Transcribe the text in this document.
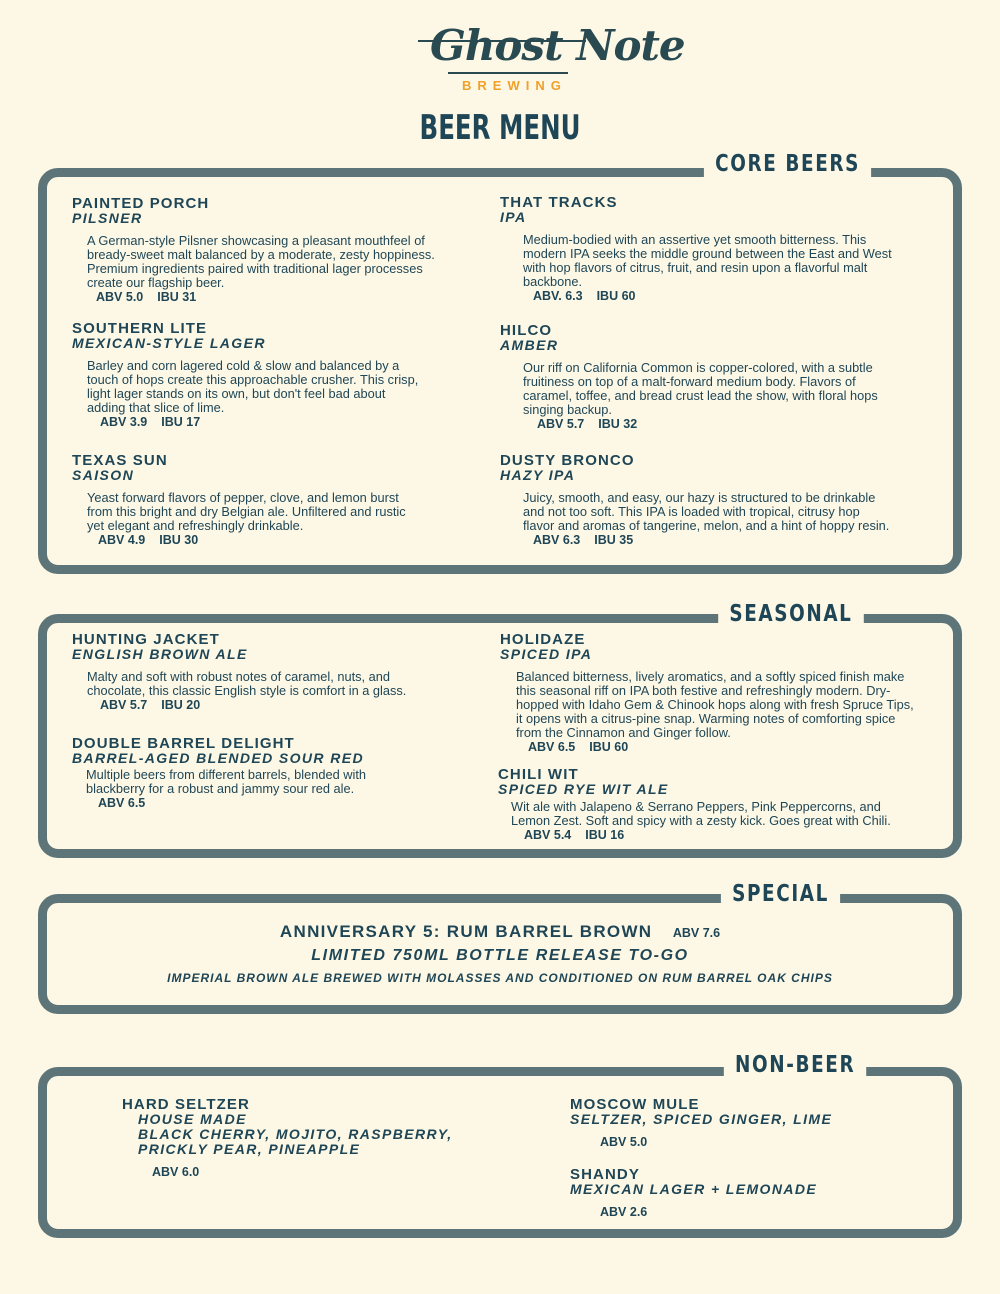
Ghost Note
BREWING
BEER MENU
CORE BEERS
SEASONAL
SPECIAL
NON-BEER
ANNIVERSARY 5: RUM BARREL BROWN ABV 7.6
LIMITED 750ML BOTTLE RELEASE TO-GO
IMPERIAL BROWN ALE BREWED WITH MOLASSES AND CONDITIONED ON RUM BARREL OAK CHIPS
PAINTED PORCH
PILSNER
A German-style Pilsner showcasing a pleasant mouthfeel of
bready-sweet malt balanced by a moderate, zesty hoppiness.
Premium ingredients paired with traditional lager processes
create our flagship beer.
ABV 5.0 IBU 31
SOUTHERN LITE
MEXICAN-STYLE LAGER
Barley and corn lagered cold & slow and balanced by a
touch of hops create this approachable crusher. This crisp,
light lager stands on its own, but don't feel bad about
adding that slice of lime.
ABV 3.9 IBU 17
TEXAS SUN
SAISON
Yeast forward flavors of pepper, clove, and lemon burst
from this bright and dry Belgian ale. Unfiltered and rustic
yet elegant and refreshingly drinkable.
ABV 4.9 IBU 30
THAT TRACKS
IPA
Medium-bodied with an assertive yet smooth bitterness. This
modern IPA seeks the middle ground between the East and West
with hop flavors of citrus, fruit, and resin upon a flavorful malt
backbone.
ABV. 6.3 IBU 60
HILCO
AMBER
Our riff on California Common is copper-colored, with a subtle
fruitiness on top of a malt-forward medium body. Flavors of
caramel, toffee, and bread crust lead the show, with floral hops
singing backup.
ABV 5.7 IBU 32
DUSTY BRONCO
HAZY IPA
Juicy, smooth, and easy, our hazy is structured to be drinkable
and not too soft. This IPA is loaded with tropical, citrusy hop
flavor and aromas of tangerine, melon, and a hint of hoppy resin.
ABV 6.3 IBU 35
HUNTING JACKET
ENGLISH BROWN ALE
Malty and soft with robust notes of caramel, nuts, and
chocolate, this classic English style is comfort in a glass.
ABV 5.7 IBU 20
DOUBLE BARREL DELIGHT
BARREL-AGED BLENDED SOUR RED
Multiple beers from different barrels, blended with
blackberry for a robust and jammy sour red ale.
ABV 6.5
HOLIDAZE
SPICED IPA
Balanced bitterness, lively aromatics, and a softly spiced finish make
this seasonal riff on IPA both festive and refreshingly modern. Dry-
hopped with Idaho Gem & Chinook hops along with fresh Spruce Tips,
it opens with a citrus-pine snap. Warming notes of comforting spice
from the Cinnamon and Ginger follow.
ABV 6.5 IBU 60
CHILI WIT
SPICED RYE WIT ALE
Wit ale with Jalapeno & Serrano Peppers, Pink Peppercorns, and
Lemon Zest. Soft and spicy with a zesty kick. Goes great with Chili.
ABV 5.4 IBU 16
HARD SELTZER
HOUSE MADE
BLACK CHERRY, MOJITO, RASPBERRY,
PRICKLY PEAR, PINEAPPLE
ABV 6.0
MOSCOW MULE
SELTZER, SPICED GINGER, LIME
ABV 5.0
SHANDY
MEXICAN LAGER + LEMONADE
ABV 2.6
